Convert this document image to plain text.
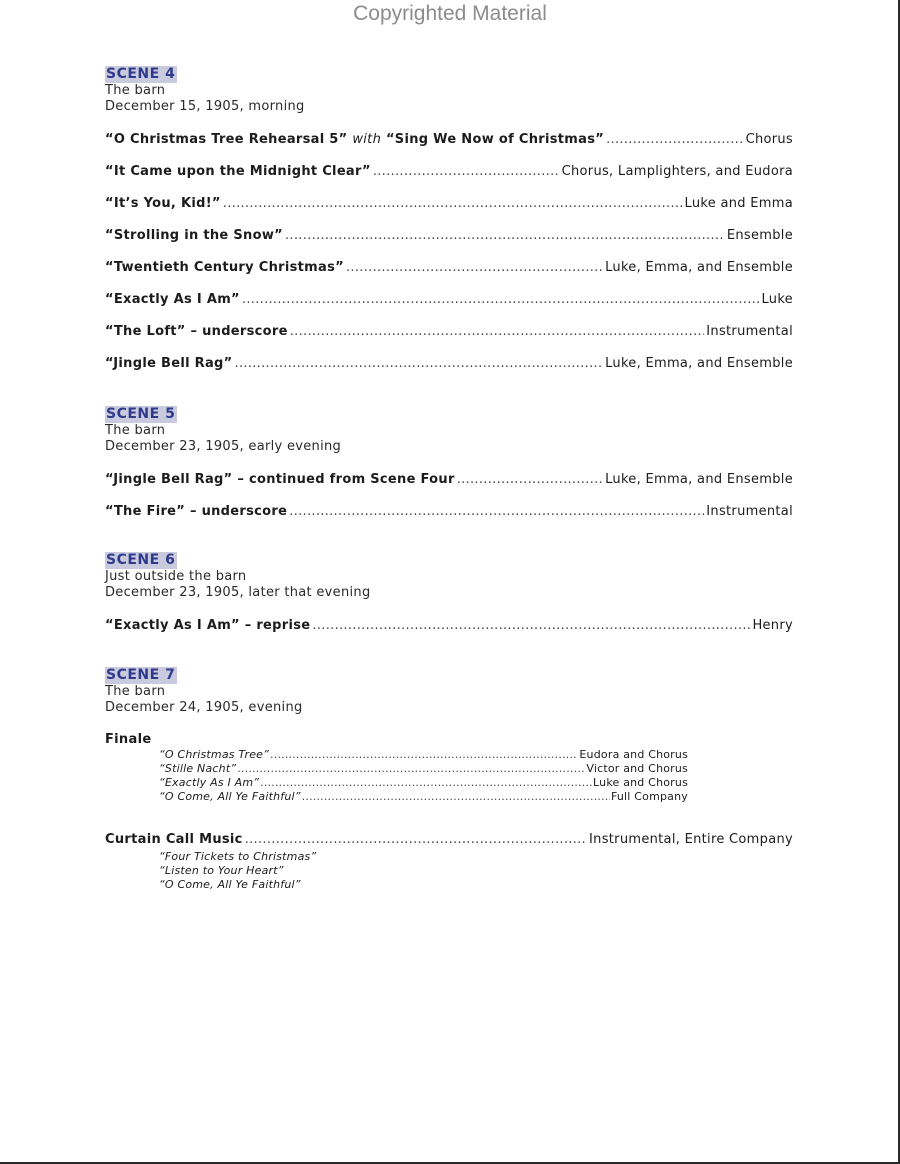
Copyrighted Material
SCENE 4
The barn
December 15, 1905, morning
“O Christmas Tree Rehearsal 5” with “Sing We Now of Christmas” .....	Chorus
“It Came upon the Midnight Clear” .....	Chorus, Lamplighters, and Eudora
“It’s You, Kid!” .....	Luke and Emma
“Strolling in the Snow” .....	Ensemble
“Twentieth Century Christmas” .....	Luke, Emma, and Ensemble
“Exactly As I Am” .....	Luke
“The Loft” – underscore .....	Instrumental
“Jingle Bell Rag” .....	Luke, Emma, and Ensemble
SCENE 5
The barn
December 23, 1905, early evening
“Jingle Bell Rag” – continued from Scene Four .....	Luke, Emma, and Ensemble
“The Fire” – underscore .....	Instrumental
SCENE 6
Just outside the barn
December 23, 1905, later that evening
“Exactly As I Am” – reprise .....	Henry
SCENE 7
The barn
December 24, 1905, evening
Finale
“O Christmas Tree” .....	Eudora and Chorus
“Stille Nacht” .....	Victor and Chorus
“Exactly As I Am” .....	Luke and Chorus
“O Come, All Ye Faithful” .....	Full Company
Curtain Call Music .....	Instrumental, Entire Company
“Four Tickets to Christmas”
“Listen to Your Heart”
“O Come, All Ye Faithful”
